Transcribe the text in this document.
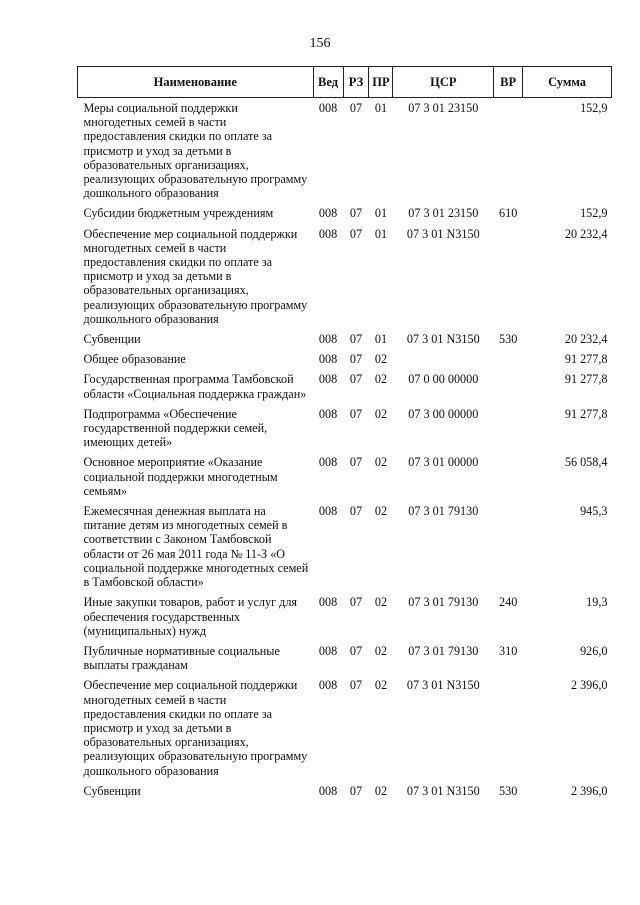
156
Наименование	Вед	РЗ	ПР	ЦСР	ВР	Сумма
Меры социальной поддержки многодетных семей в части предоставления скидки по оплате за присмотр и уход за детьми в образовательных организациях, реализующих образовательную программу дошкольного образования	008	07	01	07 3 01 23150		152,9

Субсидии бюджетным учреждениям	008	07	01	07 3 01 23150	610	152,9

Обеспечение мер социальной поддержки многодетных семей в части предоставления скидки по оплате за присмотр и уход за детьми в образовательных организациях, реализующих образовательную программу дошкольного образования	008	07	01	07 3 01 N3150		20 232,4

Субвенции	008	07	01	07 3 01 N3150	530	20 232,4

Общее образование	008	07	02			91 277,8

Государственная программа Тамбовской области «Социальная поддержка граждан»	008	07	02	07 0 00 00000		91 277,8

Подпрограмма «Обеспечение государственной поддержки семей, имеющих детей»	008	07	02	07 3 00 00000		91 277,8

Основное мероприятие «Оказание социальной поддержки многодетным семьям»	008	07	02	07 3 01 00000		56 058,4

Ежемесячная денежная выплата на питание детям из многодетных семей в соответствии с Законом Тамбовской области от 26 мая 2011 года № 11-З «О социальной поддержке многодетных семей в Тамбовской области»	008	07	02	07 3 01 79130		945,3

Иные закупки товаров, работ и услуг для обеспечения государственных (муниципальных) нужд	008	07	02	07 3 01 79130	240	19,3

Публичные нормативные социальные выплаты гражданам	008	07	02	07 3 01 79130	310	926,0

Обеспечение мер социальной поддержки многодетных семей в части предоставления скидки по оплате за присмотр и уход за детьми в образовательных организациях, реализующих образовательную программу дошкольного образования	008	07	02	07 3 01 N3150		2 396,0

Субвенции	008	07	02	07 3 01 N3150	530	2 396,0
